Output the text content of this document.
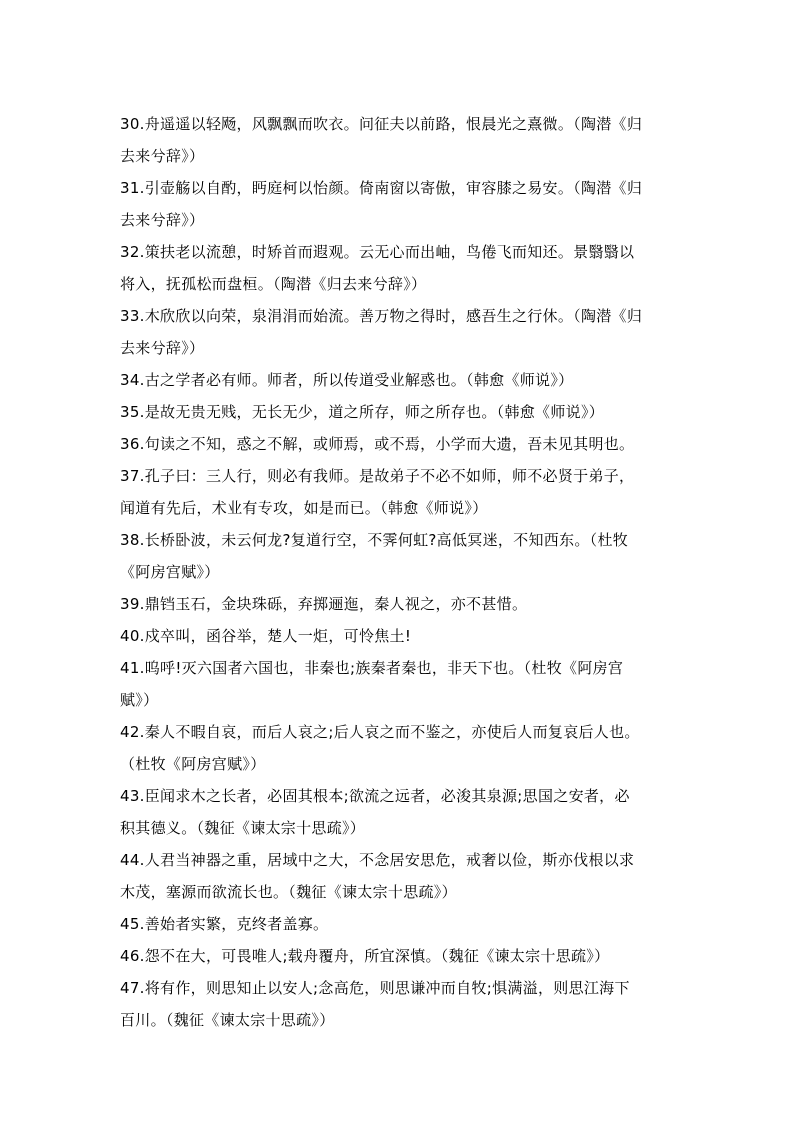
30.舟遥遥以轻飏，风飘飘而吹衣。问征夫以前路，恨晨光之熹微。（陶潜《归

去来兮辞》）

31.引壶觞以自酌，眄庭柯以怡颜。倚南窗以寄傲，审容膝之易安。（陶潜《归

去来兮辞》）

32.策扶老以流憩，时矫首而遐观。云无心而出岫，鸟倦飞而知还。景翳翳以

将入，抚孤松而盘桓。（陶潜《归去来兮辞》）

33.木欣欣以向荣，泉涓涓而始流。善万物之得时，感吾生之行休。（陶潜《归

去来兮辞》）

34.古之学者必有师。师者，所以传道受业解惑也。（韩愈《师说》）

35.是故无贵无贱，无长无少，道之所存，师之所存也。（韩愈《师说》）

36.句读之不知，惑之不解，或师焉，或不焉，小学而大遗，吾未见其明也。

37.孔子曰：三人行，则必有我师。是故弟子不必不如师，师不必贤于弟子，

闻道有先后，术业有专攻，如是而已。（韩愈《师说》）

38.长桥卧波，未云何龙?复道行空，不霁何虹?高低冥迷，不知西东。（杜牧

《阿房宫赋》）

39.鼎铛玉石，金块珠砾，弃掷逦迤，秦人视之，亦不甚惜。

40.戍卒叫，函谷举，楚人一炬，可怜焦土!

41.呜呼!灭六国者六国也，非秦也;族秦者秦也，非天下也。（杜牧《阿房宫

赋》）

42.秦人不暇自哀，而后人哀之;后人哀之而不鉴之，亦使后人而复哀后人也。

（杜牧《阿房宫赋》）

43.臣闻求木之长者，必固其根本;欲流之远者，必浚其泉源;思国之安者，必

积其德义。（魏征《谏太宗十思疏》）

44.人君当神器之重，居域中之大，不念居安思危，戒奢以俭，斯亦伐根以求

木茂，塞源而欲流长也。（魏征《谏太宗十思疏》）

45.善始者实繁，克终者盖寡。

46.怨不在大，可畏唯人;载舟覆舟，所宜深慎。（魏征《谏太宗十思疏》）

47.将有作，则思知止以安人;念高危，则思谦冲而自牧;惧满溢，则思江海下

百川。（魏征《谏太宗十思疏》）
